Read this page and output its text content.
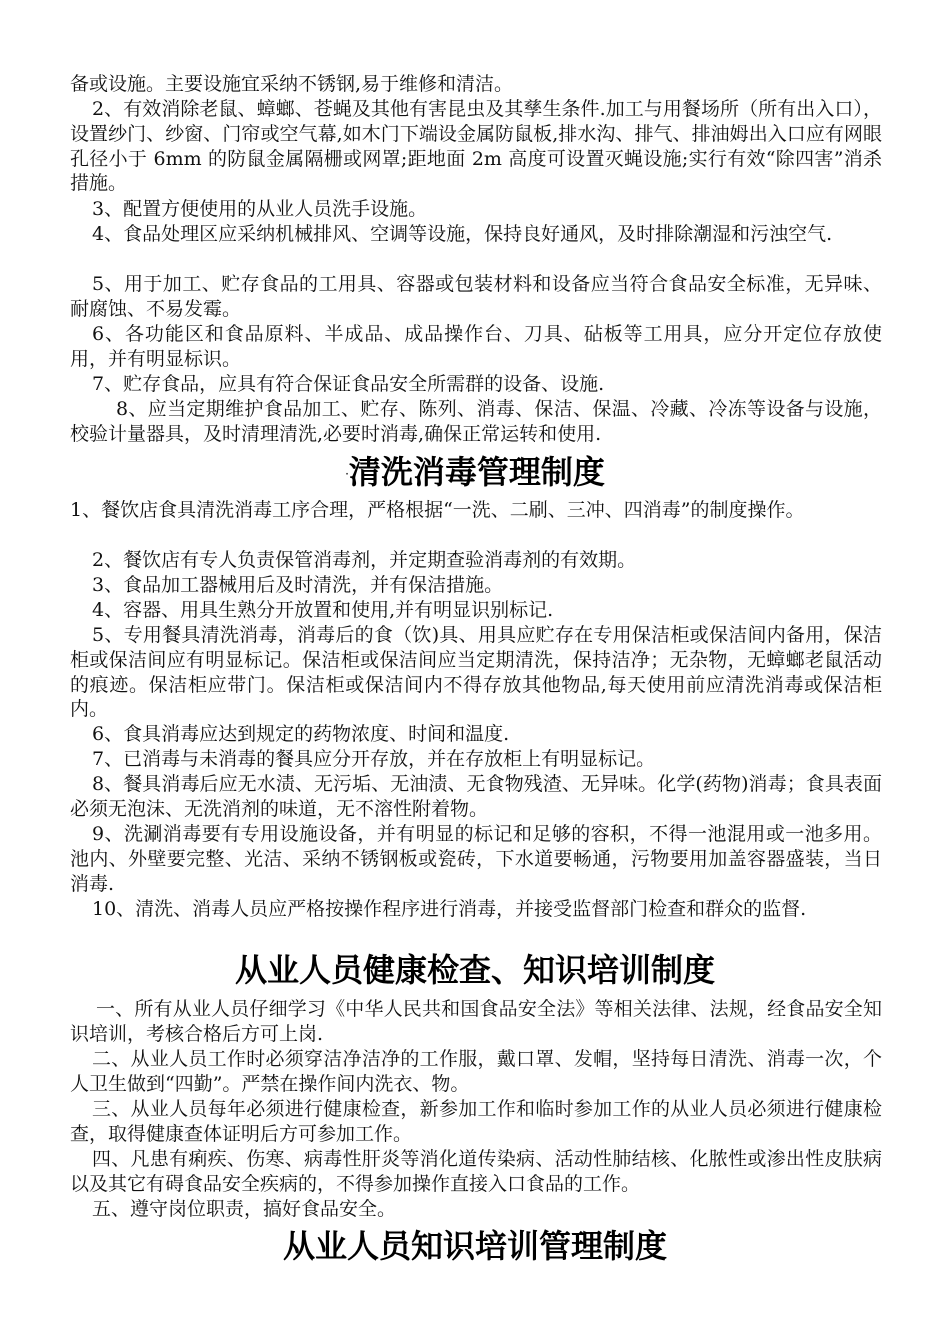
备或设施。主要设施宜采纳不锈钢,易于维修和清洁。

2、有效消除老鼠、蟑螂、苍蝇及其他有害昆虫及其孳生条件.加工与用餐场所（所有出入口），设置纱门、纱窗、门帘或空气幕,如木门下端设金属防鼠板,排水沟、排气、排油姆出入口应有网眼孔径小于 6mm 的防鼠金属隔栅或网罩;距地面 2m 高度可设置灭蝇设施;实行有效“除四害”消杀措施。

3、配置方便使用的从业人员洗手设施。

4、食品处理区应采纳机械排风、空调等设施，保持良好通风，及时排除潮湿和污浊空气.

5、用于加工、贮存食品的工用具、容器或包装材料和设备应当符合食品安全标准，无异味、耐腐蚀、不易发霉。

6、各功能区和食品原料、半成品、成品操作台、刀具、砧板等工用具，应分开定位存放使用，并有明显标识。

7、贮存食品，应具有符合保证食品安全所需群的设备、设施.

8、应当定期维护食品加工、贮存、陈列、消毒、保洁、保温、冷藏、冷冻等设备与设施，校验计量器具，及时清理清洗,必要时消毒,确保正常运转和使用.

·清洗消毒管理制度

1、餐饮店食具清洗消毒工序合理，严格根据“一洗、二刷、三冲、四消毒”的制度操作。

2、餐饮店有专人负责保管消毒剂，并定期查验消毒剂的有效期。

3、食品加工器械用后及时清洗，并有保洁措施。

4、容器、用具生熟分开放置和使用,并有明显识别标记.

5、专用餐具清洗消毒，消毒后的食（饮)具、用具应贮存在专用保洁柜或保洁间内备用，保洁柜或保洁间应有明显标记。保洁柜或保洁间应当定期清洗，保持洁净；无杂物，无蟑螂老鼠活动的痕迹。保洁柜应带门。保洁柜或保洁间内不得存放其他物品,每天使用前应清洗消毒或保洁柜内。

6、食具消毒应达到规定的药物浓度、时间和温度.

7、已消毒与未消毒的餐具应分开存放，并在存放柜上有明显标记。

8、餐具消毒后应无水渍、无污垢、无油渍、无食物残渣、无异味。化学(药物)消毒；食具表面必须无泡沫、无洗消剂的味道，无不溶性附着物。

9、洗涮消毒要有专用设施设备，并有明显的标记和足够的容积，不得一池混用或一池多用。池内、外壁要完整、光洁、采纳不锈钢板或瓷砖，下水道要畅通，污物要用加盖容器盛装，当日消毒.

10、清洗、消毒人员应严格按操作程序进行消毒，并接受监督部门检查和群众的监督.

从业人员健康检查、知识培训制度

一、所有从业人员仔细学习《中华人民共和国食品安全法》等相关法律、法规，经食品安全知识培训，考核合格后方可上岗.

二、从业人员工作时必须穿洁净洁净的工作服，戴口罩、发帽，坚持每日清洗、消毒一次，个人卫生做到“四勤”。严禁在操作间内洗衣、物。

三、从业人员每年必须进行健康检查，新参加工作和临时参加工作的从业人员必须进行健康检查，取得健康查体证明后方可参加工作。

四、凡患有痢疾、伤寒、病毒性肝炎等消化道传染病、活动性肺结核、化脓性或渗出性皮肤病以及其它有碍食品安全疾病的，不得参加操作直接入口食品的工作。

五、遵守岗位职责，搞好食品安全。

从业人员知识培训管理制度
